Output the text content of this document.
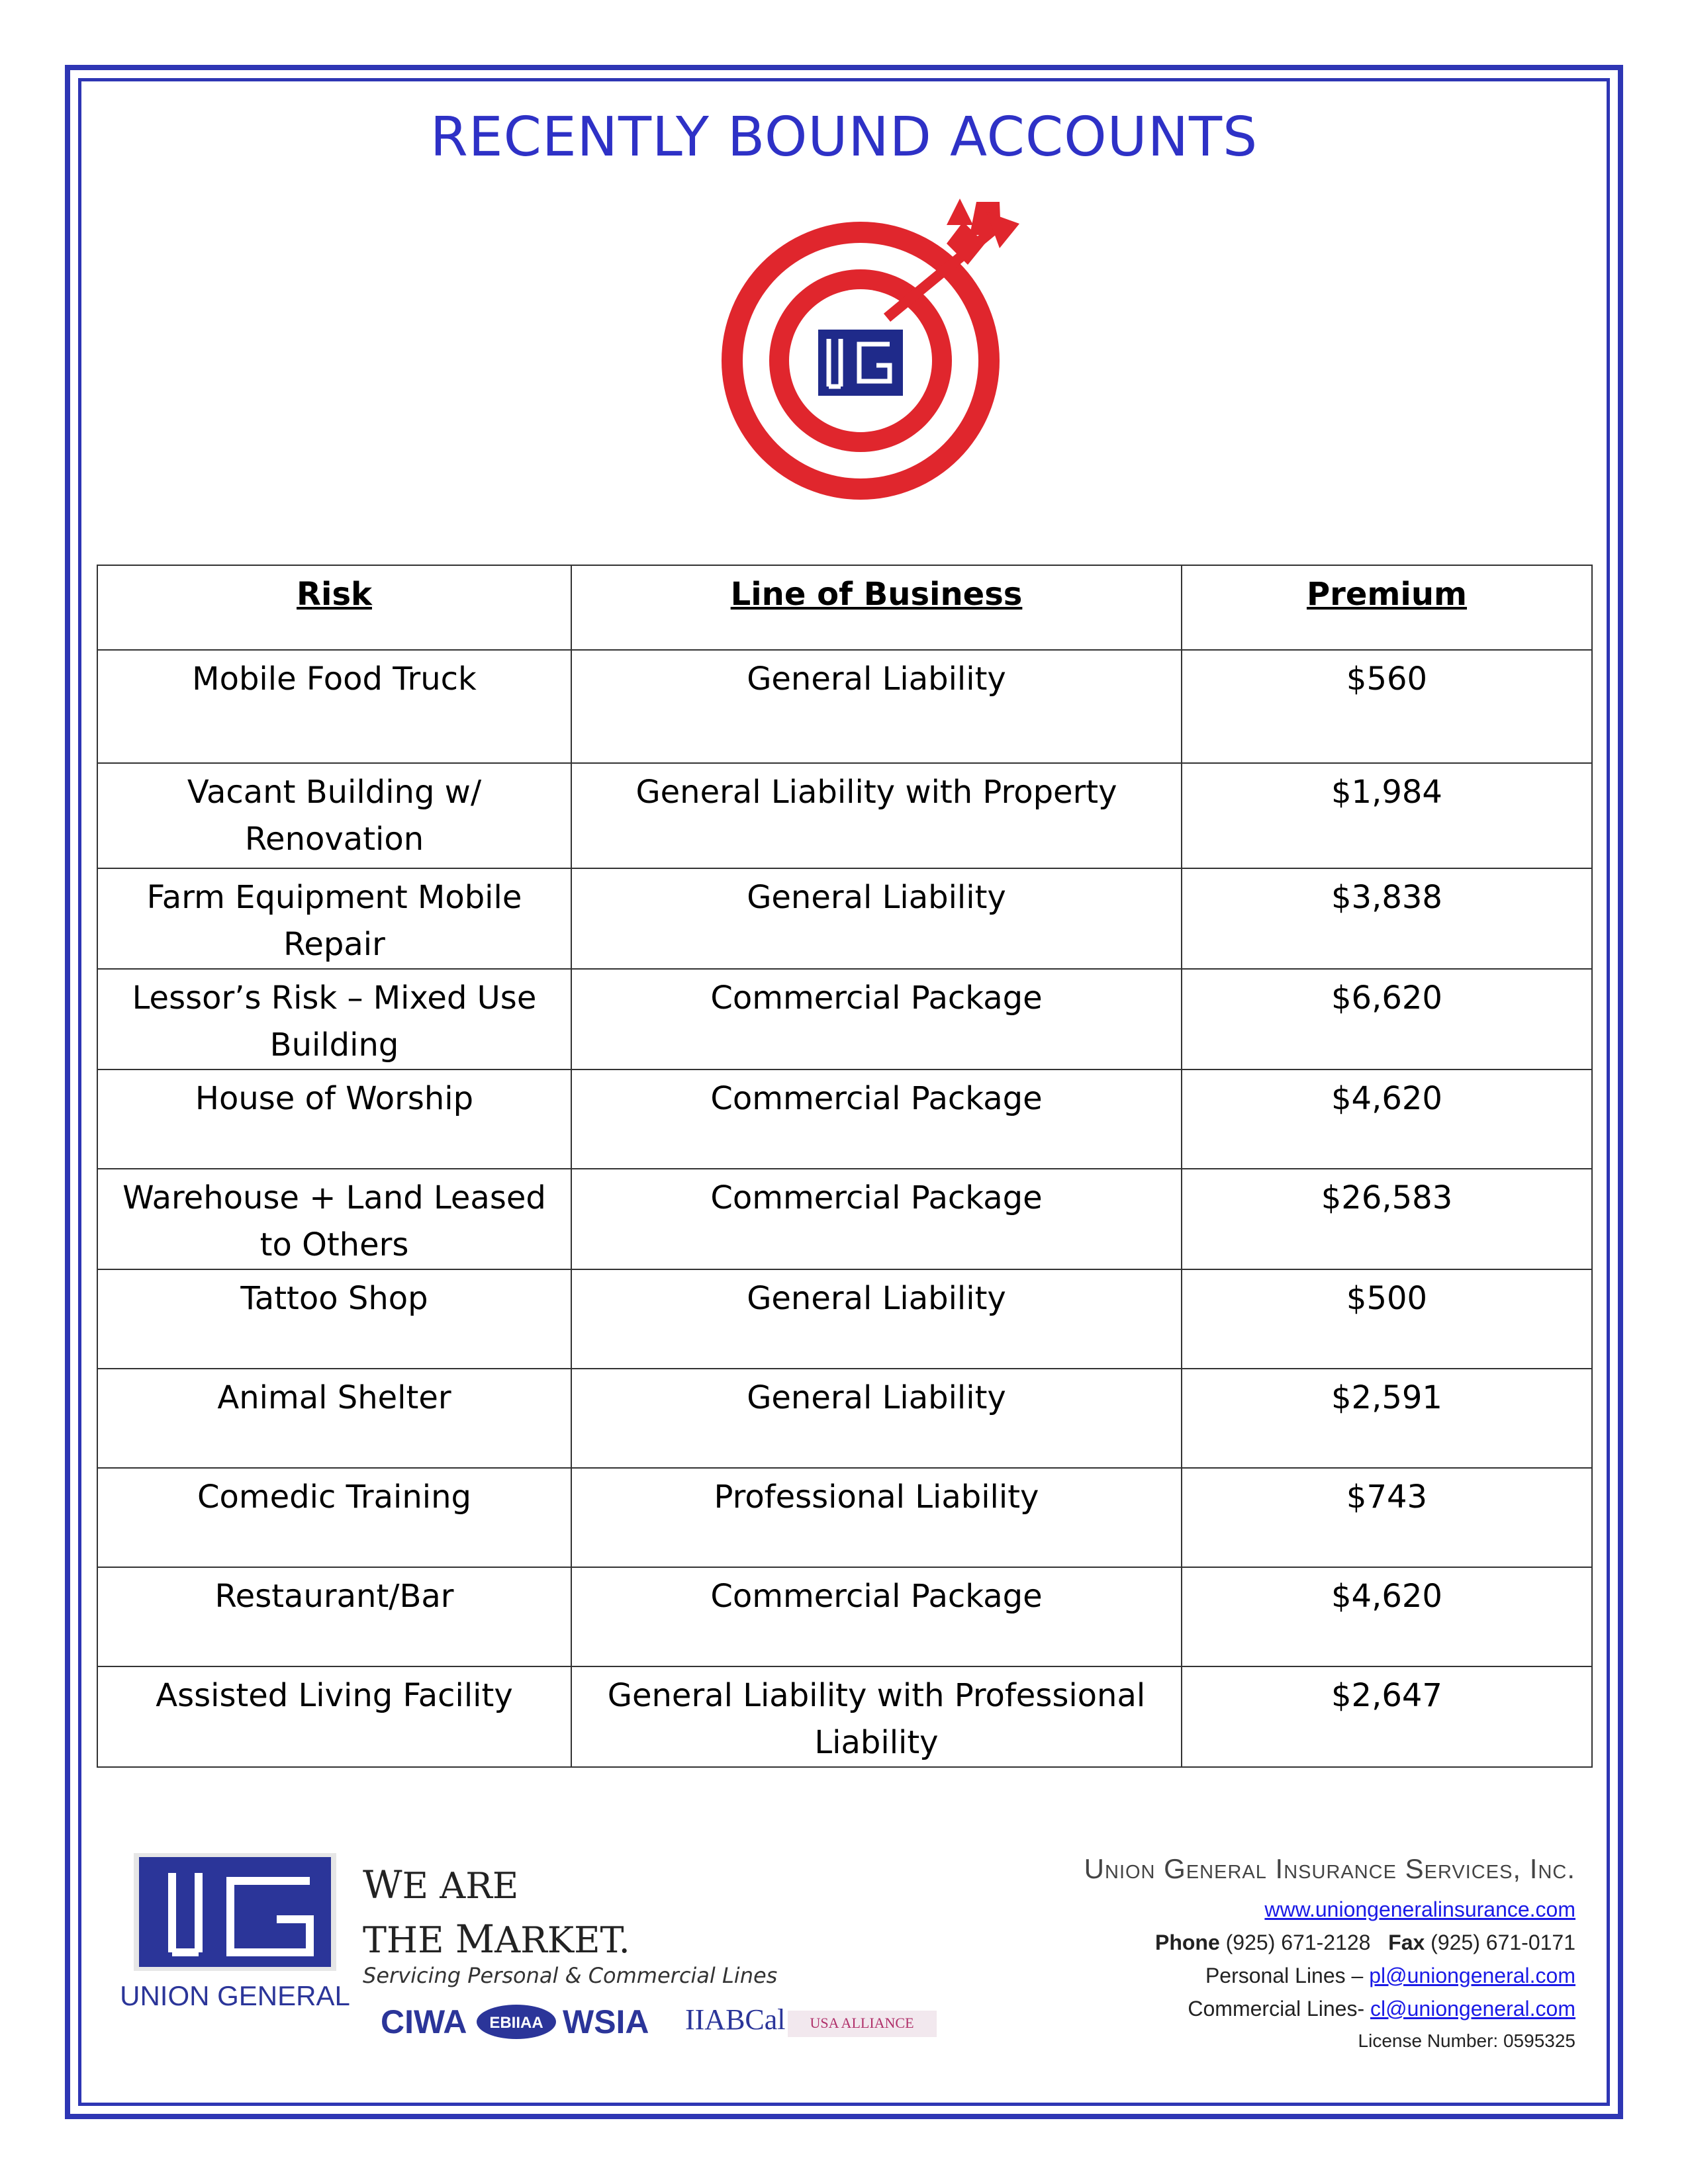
RECENTLY BOUND ACCOUNTS
Risk	Line of Business	Premium
Mobile Food Truck	General Liability	$560
Vacant Building w/ Renovation	General Liability with Property	$1,984
Farm Equipment Mobile Repair	General Liability	$3,838
Lessor’s Risk – Mixed Use Building	Commercial Package	$6,620
House of Worship	Commercial Package	$4,620
Warehouse + Land Leased to Others	Commercial Package	$26,583
Tattoo Shop	General Liability	$500
Animal Shelter	General Liability	$2,591
Comedic Training	Professional Liability	$743
Restaurant/Bar	Commercial Package	$4,620
Assisted Living Facility	General Liability with Professional Liability	$2,647
UNION GENERAL
WE ARE
THE MARKET.
Servicing Personal & Commercial Lines
CIWA EBIIAA WSIA IIABCal USA ALLIANCE
Union General Insurance Services, Inc.
www.uniongeneralinsurance.com
Phone (925) 671-2128 Fax (925) 671-0171
Personal Lines – pl@uniongeneral.com
Commercial Lines- cl@uniongeneral.com
License Number: 0595325
